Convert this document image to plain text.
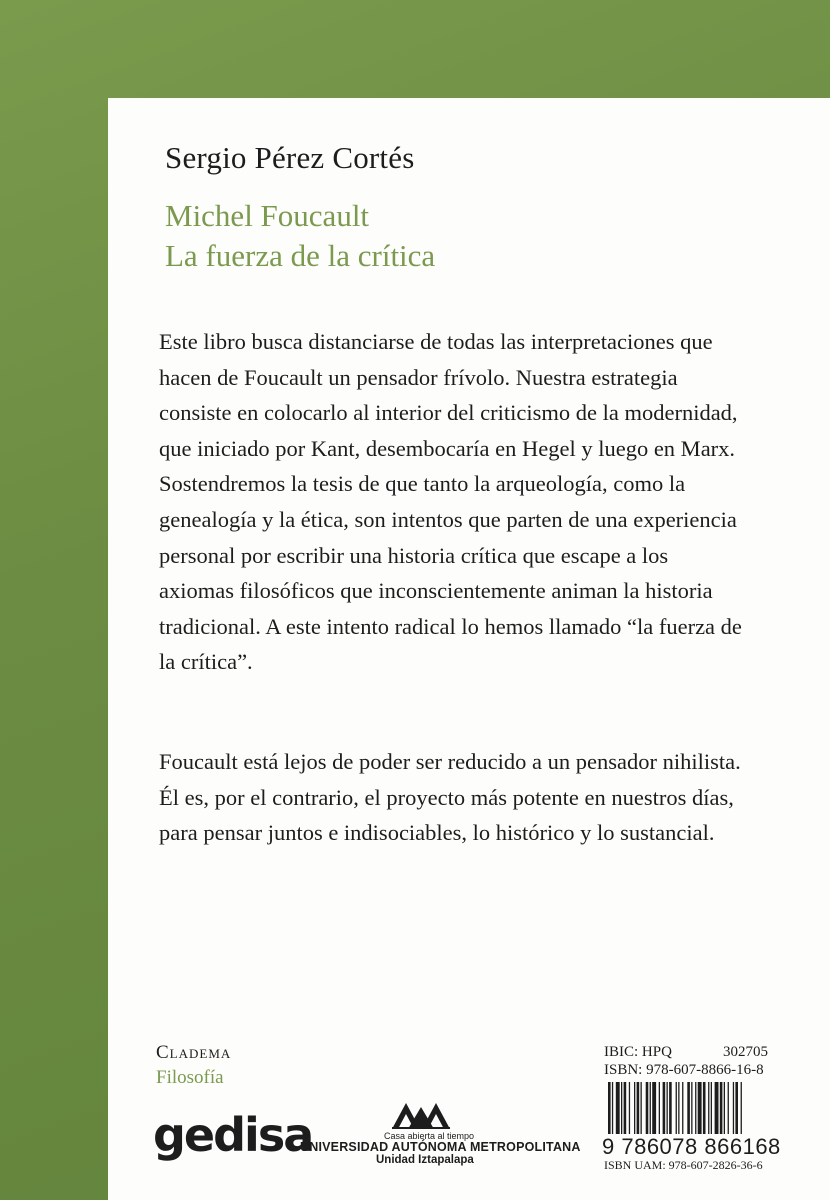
Sergio Pérez Cortés
Michel Foucault
La fuerza de la crítica
Este libro busca distanciarse de todas las interpretaciones que
hacen de Foucault un pensador frívolo. Nuestra estrategia
consiste en colocarlo al interior del criticismo de la modernidad,
que iniciado por Kant, desembocaría en Hegel y luego en Marx.
Sostendremos la tesis de que tanto la arqueología, como la
genealogía y la ética, son intentos que parten de una experiencia
personal por escribir una historia crítica que escape a los
axiomas filosóficos que inconscientemente animan la historia
tradicional. A este intento radical lo hemos llamado “la fuerza de
la crítica”.
Foucault está lejos de poder ser reducido a un pensador nihilista.
Él es, por el contrario, el proyecto más potente en nuestros días,
para pensar juntos e indisociables, lo histórico y lo sustancial.
Cladema
Filosofía
gedisa	Casa abierta al tiempo
UNIVERSIDAD AUTÓNOMA METROPOLITANA
Unidad Iztapalapa
IBIC: HPQ	302705
ISBN: 978-607-8866-16-8
9 786078 866168
ISBN UAM: 978-607-2826-36-6
